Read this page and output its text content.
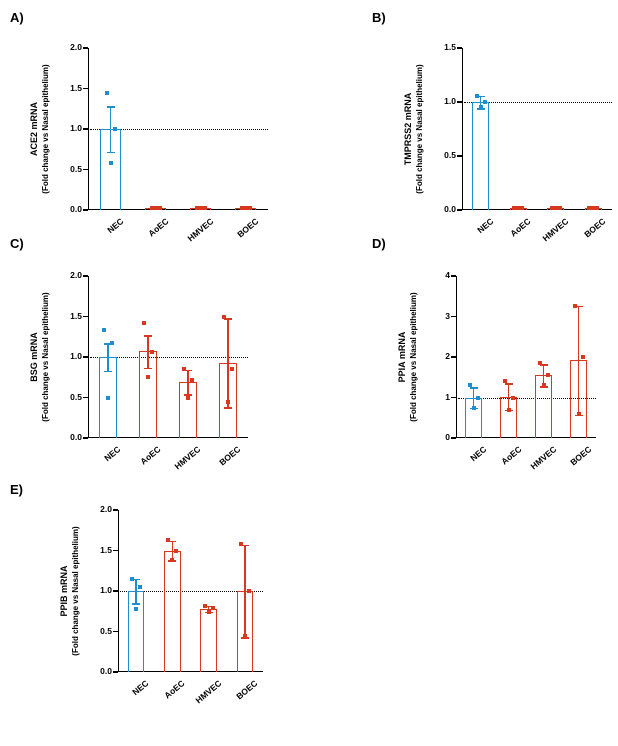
A)
0.0
0.5
1.0
1.5
2.0
ACE2 mRNA (Fold change vs Nasal epithelium)
NEC	AoEC	HMVEC	BOEC
B)
0.0
0.5
1.0
1.5
TMPRSS2 mRNA (Fold change vs Nasal epithelium)
NEC	AoEC HMVEC	BOEC
C)
0.0
0.5
1.0
1.5
2.0
BSG mRNA (Fold change vs Nasal epithelium)
NEC	AoEC	HMVEC	BOEC
D)
0
1
2
3
4
PPIA mRNA (Fold change vs Nasal epithelium)
NEC	AoEC HMVEC	BOEC
E)
0.0
0.5
1.0
1.5
2.0
PPIB mRNA (Fold change vs Nasal epithelium)
NEC	AoEC HMVEC	BOEC
